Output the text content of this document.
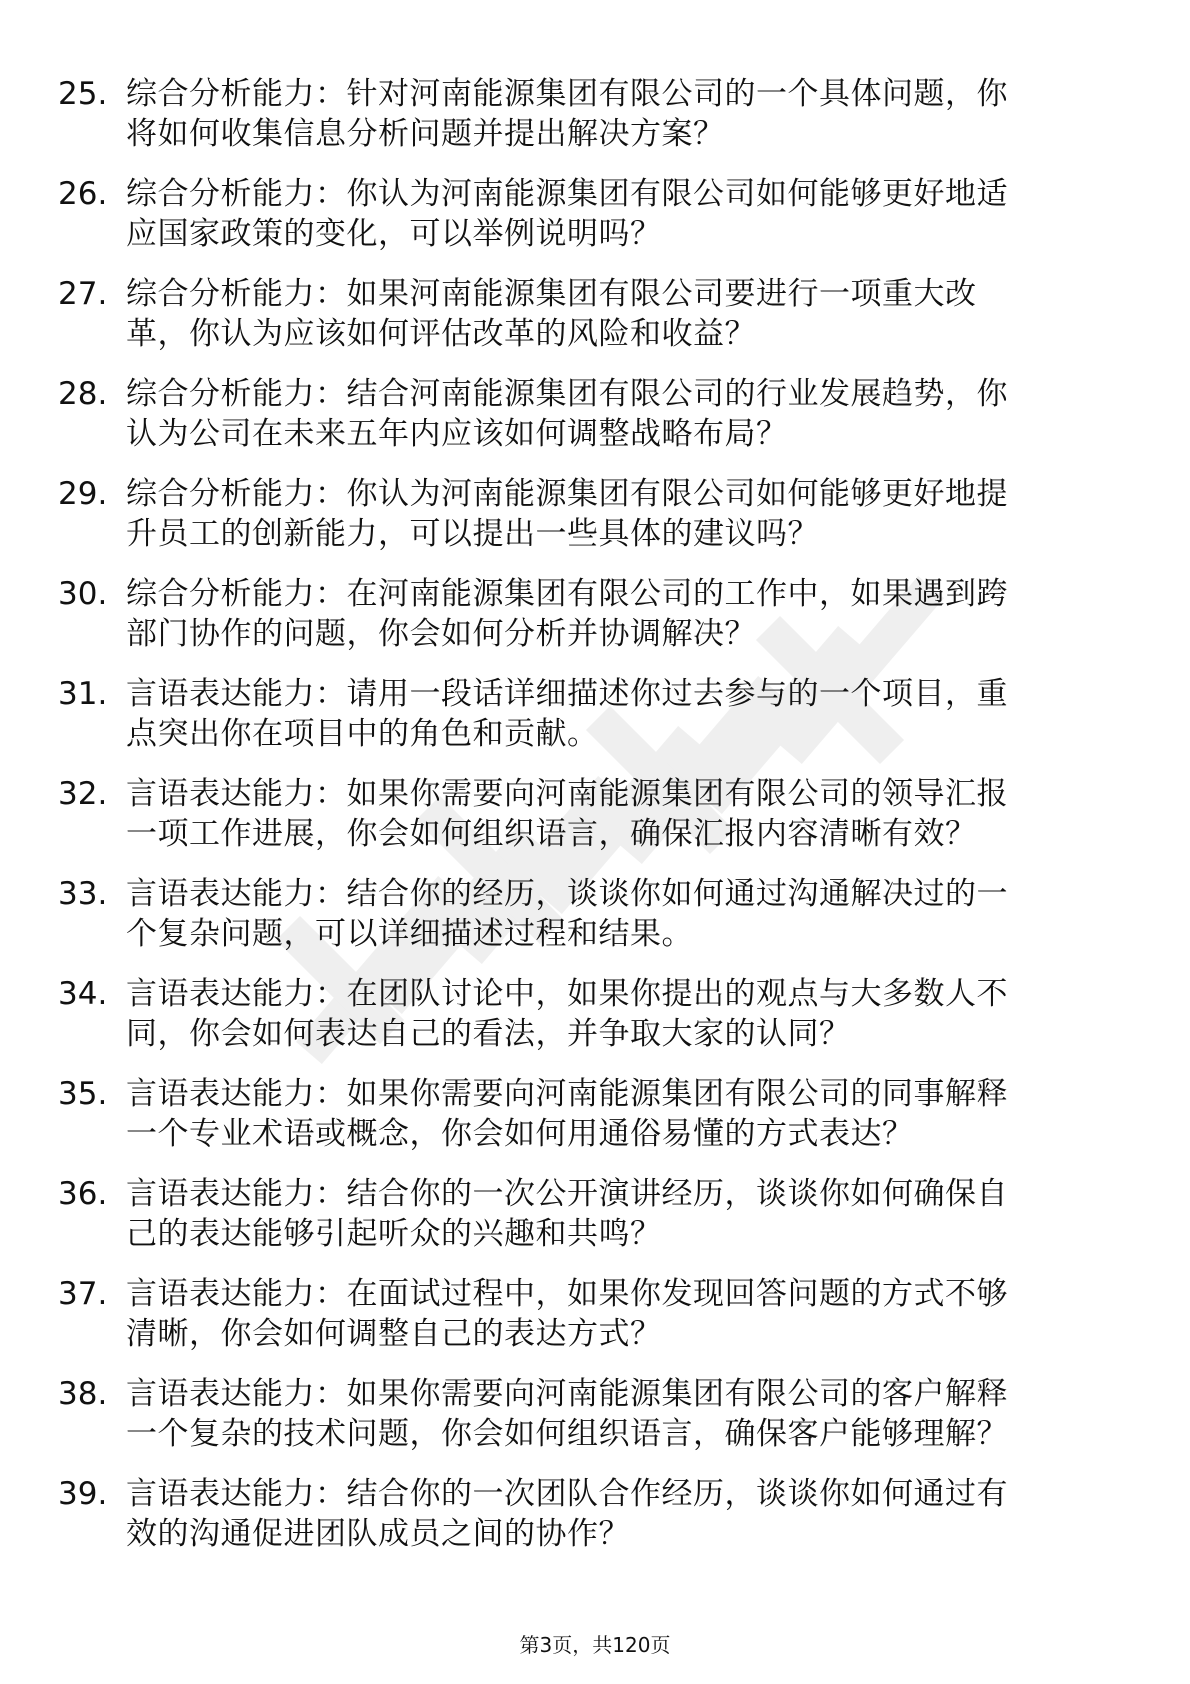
25. 综合分析能力：针对河南能源集团有限公司的一个具体问题，你
将如何收集信息分析问题并提出解决方案？
26. 综合分析能力：你认为河南能源集团有限公司如何能够更好地适
应国家政策的变化，可以举例说明吗？
27. 综合分析能力：如果河南能源集团有限公司要进行一项重大改
革，你认为应该如何评估改革的风险和收益？
28. 综合分析能力：结合河南能源集团有限公司的行业发展趋势，你
认为公司在未来五年内应该如何调整战略布局？
29. 综合分析能力：你认为河南能源集团有限公司如何能够更好地提
升员工的创新能力，可以提出一些具体的建议吗？
30. 综合分析能力：在河南能源集团有限公司的工作中，如果遇到跨
部门协作的问题，你会如何分析并协调解决？
31. 言语表达能力：请用一段话详细描述你过去参与的一个项目，重
点突出你在项目中的角色和贡献。
32. 言语表达能力：如果你需要向河南能源集团有限公司的领导汇报
一项工作进展，你会如何组织语言，确保汇报内容清晰有效？
33. 言语表达能力：结合你的经历，谈谈你如何通过沟通解决过的一
个复杂问题，可以详细描述过程和结果。
34. 言语表达能力：在团队讨论中，如果你提出的观点与大多数人不
同，你会如何表达自己的看法，并争取大家的认同？
35. 言语表达能力：如果你需要向河南能源集团有限公司的同事解释
一个专业术语或概念，你会如何用通俗易懂的方式表达？
36. 言语表达能力：结合你的一次公开演讲经历，谈谈你如何确保自
己的表达能够引起听众的兴趣和共鸣？
37. 言语表达能力：在面试过程中，如果你发现回答问题的方式不够
清晰，你会如何调整自己的表达方式？
38. 言语表达能力：如果你需要向河南能源集团有限公司的客户解释
一个复杂的技术问题，你会如何组织语言，确保客户能够理解？
39. 言语表达能力：结合你的一次团队合作经历，谈谈你如何通过有
效的沟通促进团队成员之间的协作？
第3页，共120页
